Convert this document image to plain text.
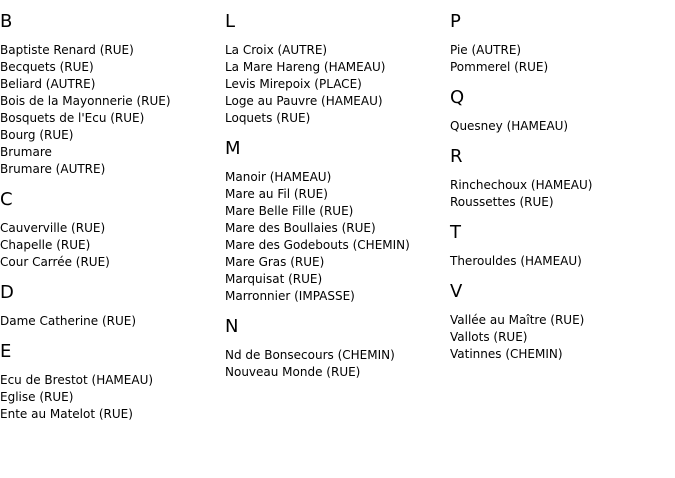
B
Baptiste Renard (RUE)
Becquets (RUE)
Beliard (AUTRE)
Bois de la Mayonnerie (RUE)
Bosquets de l'Ecu (RUE)
Bourg (RUE)
Brumare
Brumare (AUTRE)
C
Cauverville (RUE)
Chapelle (RUE)
Cour Carrée (RUE)
D
Dame Catherine (RUE)
E
Ecu de Brestot (HAMEAU)
Eglise (RUE)
Ente au Matelot (RUE)
L
La Croix (AUTRE)
La Mare Hareng (HAMEAU)
Levis Mirepoix (PLACE)
Loge au Pauvre (HAMEAU)
Loquets (RUE)
M
Manoir (HAMEAU)
Mare au Fil (RUE)
Mare Belle Fille (RUE)
Mare des Boullaies (RUE)
Mare des Godebouts (CHEMIN)
Mare Gras (RUE)
Marquisat (RUE)
Marronnier (IMPASSE)
N
Nd de Bonsecours (CHEMIN)
Nouveau Monde (RUE)
P
Pie (AUTRE)
Pommerel (RUE)
Q
Quesney (HAMEAU)
R
Rinchechoux (HAMEAU)
Roussettes (RUE)
T
Therouldes (HAMEAU)
V
Vallée au Maître (RUE)
Vallots (RUE)
Vatinnes (CHEMIN)
